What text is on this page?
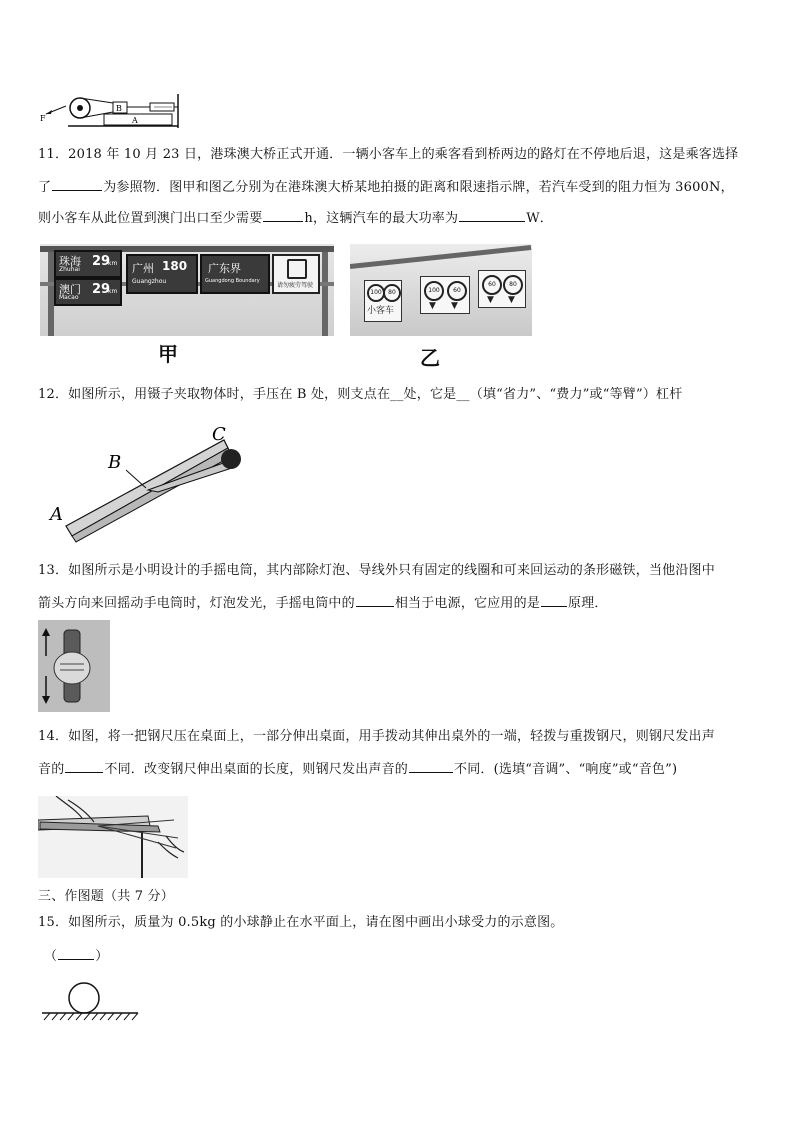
F
B
A
11．2018 年 10 月 23 日，港珠澳大桥正式开通．一辆小客车上的乘客看到桥两边的路灯在不停地后退，这是乘客选择
了	为参照物．图甲和图乙分别为在港珠澳大桥某地拍摄的距离和限速指示牌，若汽车受到的阻力恒为 3600N，
则小客车从此位置到澳门出口至少需要	h，这辆汽车的最大功率为	W．
珠海
Zhuhai
29
km
澳门
Macao
29
km
广州 180
Guangzhou
广东界
Guangdong Boundary
请勿疲劳驾驶
甲
100	80
小客车
100	60
▼ ▼
60	80
▼ ▼
乙
12．如图所示，用镊子夹取物体时，手压在 B 处，则支点在__处，它是__（填“省力”、“费力”或“等臂”）杠杆
A
B
C
13．如图所示是小明设计的手摇电筒，其内部除灯泡、导线外只有固定的线圈和可来回运动的条形磁铁，当他沿图中
箭头方向来回摇动手电筒时，灯泡发光，手摇电筒中的	相当于电源，它应用的是 原理．
14．如图，将一把钢尺压在桌面上，一部分伸出桌面，用手拨动其伸出桌外的一端，轻拨与重拨钢尺，则钢尺发出声
音的	不同．改变钢尺伸出桌面的长度，则钢尺发出声音的	不同．(选填“音调”、“响度”或“音色”)
三、作图题（共 7 分）
15．如图所示，质量为 0.5kg 的小球静止在水平面上，请在图中画出小球受力的示意图。
（	）
